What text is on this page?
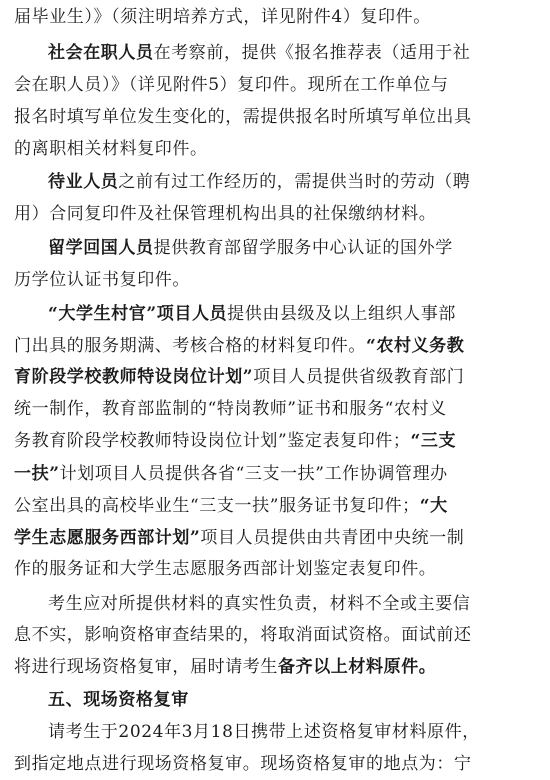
届毕业生）》（须注明培养方式，详见附件4）复印件。
社会在职人员在考察前，提供《报名推荐表（适用于社
会在职人员）》（详见附件5）复印件。现所在工作单位与
报名时填写单位发生变化的，需提供报名时所填写单位出具
的离职相关材料复印件。
待业人员之前有过工作经历的，需提供当时的劳动（聘
用）合同复印件及社保管理机构出具的社保缴纳材料。
留学回国人员提供教育部留学服务中心认证的国外学
历学位认证书复印件。
“大学生村官”项目人员提供由县级及以上组织人事部
门出具的服务期满、考核合格的材料复印件。“农村义务教
育阶段学校教师特设岗位计划”项目人员提供省级教育部门
统一制作，教育部监制的“特岗教师”证书和服务“农村义
务教育阶段学校教师特设岗位计划”鉴定表复印件；“三支
一扶”计划项目人员提供各省“三支一扶”工作协调管理办
公室出具的高校毕业生“三支一扶”服务证书复印件；“大
学生志愿服务西部计划”项目人员提供由共青团中央统一制
作的服务证和大学生志愿服务西部计划鉴定表复印件。
考生应对所提供材料的真实性负责，材料不全或主要信
息不实，影响资格审查结果的，将取消面试资格。面试前还
将进行现场资格复审，届时请考生备齐以上材料原件。
五、现场资格复审
请考生于2024年3月18日携带上述资格复审材料原件，
到指定地点进行现场资格复审。现场资格复审的地点为：宁
